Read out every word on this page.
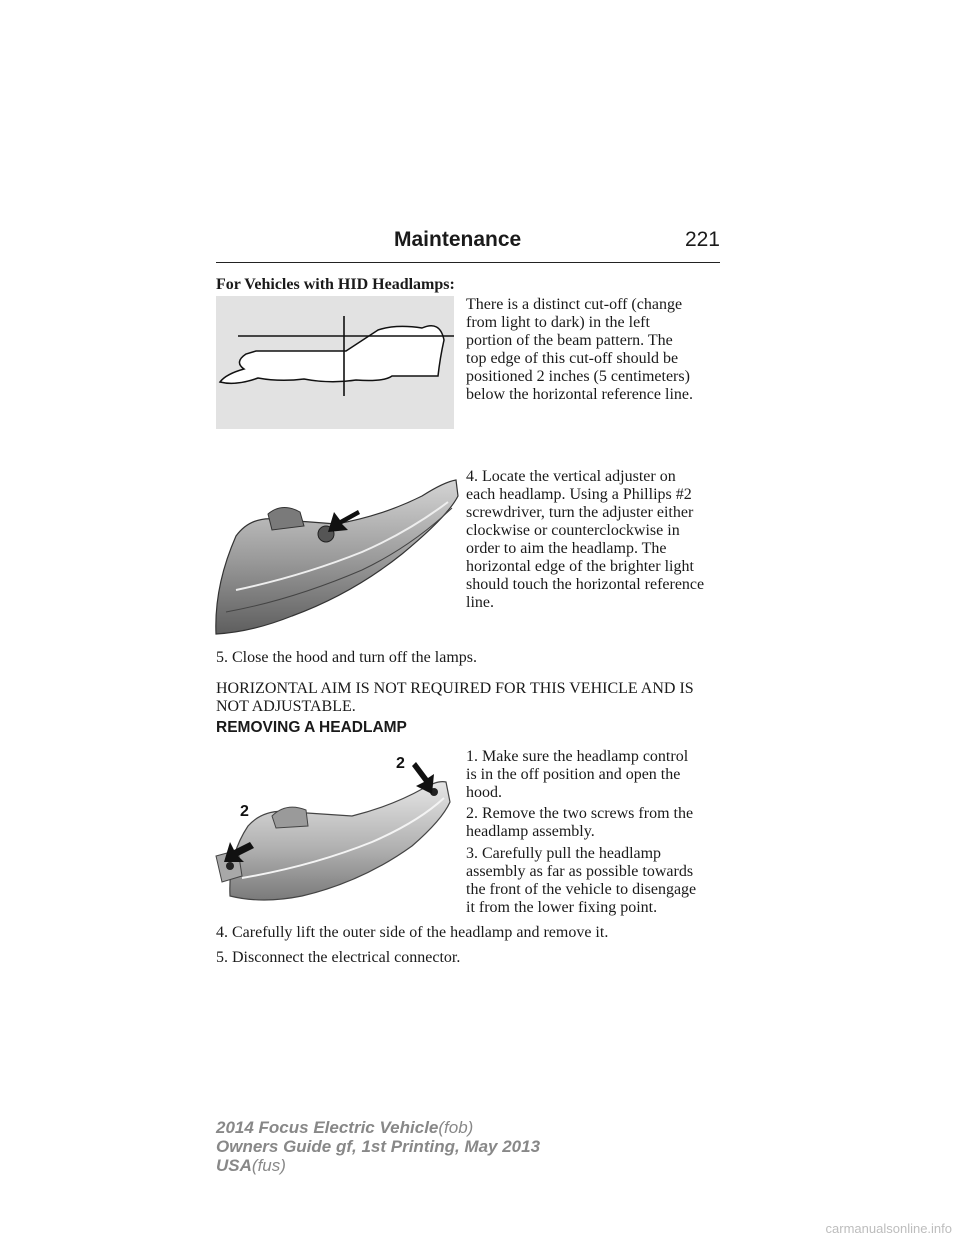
Maintenance	221

For Vehicles with HID Headlamps:

There is a distinct cut-off (change

from light to dark) in the left

portion of the beam pattern. The

top edge of this cut-off should be

positioned 2 inches (5 centimeters)

below the horizontal reference line.

4. Locate the vertical adjuster on

each headlamp. Using a Phillips #2

screwdriver, turn the adjuster either

clockwise or counterclockwise in

order to aim the headlamp. The

horizontal edge of the brighter light

should touch the horizontal reference

line.

5. Close the hood and turn off the lamps.

HORIZONTAL AIM IS NOT REQUIRED FOR THIS VEHICLE AND IS

NOT ADJUSTABLE.

REMOVING A HEADLAMP

1. Make sure the headlamp control

is in the off position and open the

hood.

2. Remove the two screws from the

headlamp assembly.

3. Carefully pull the headlamp

assembly as far as possible towards

the front of the vehicle to disengage

it from the lower fixing point.

2
2

4. Carefully lift the outer side of the headlamp and remove it.

5. Disconnect the electrical connector.

2014 Focus Electric Vehicle(fob)
Owners Guide gf, 1st Printing, May 2013
USA(fus)
carmanualsonline.info
